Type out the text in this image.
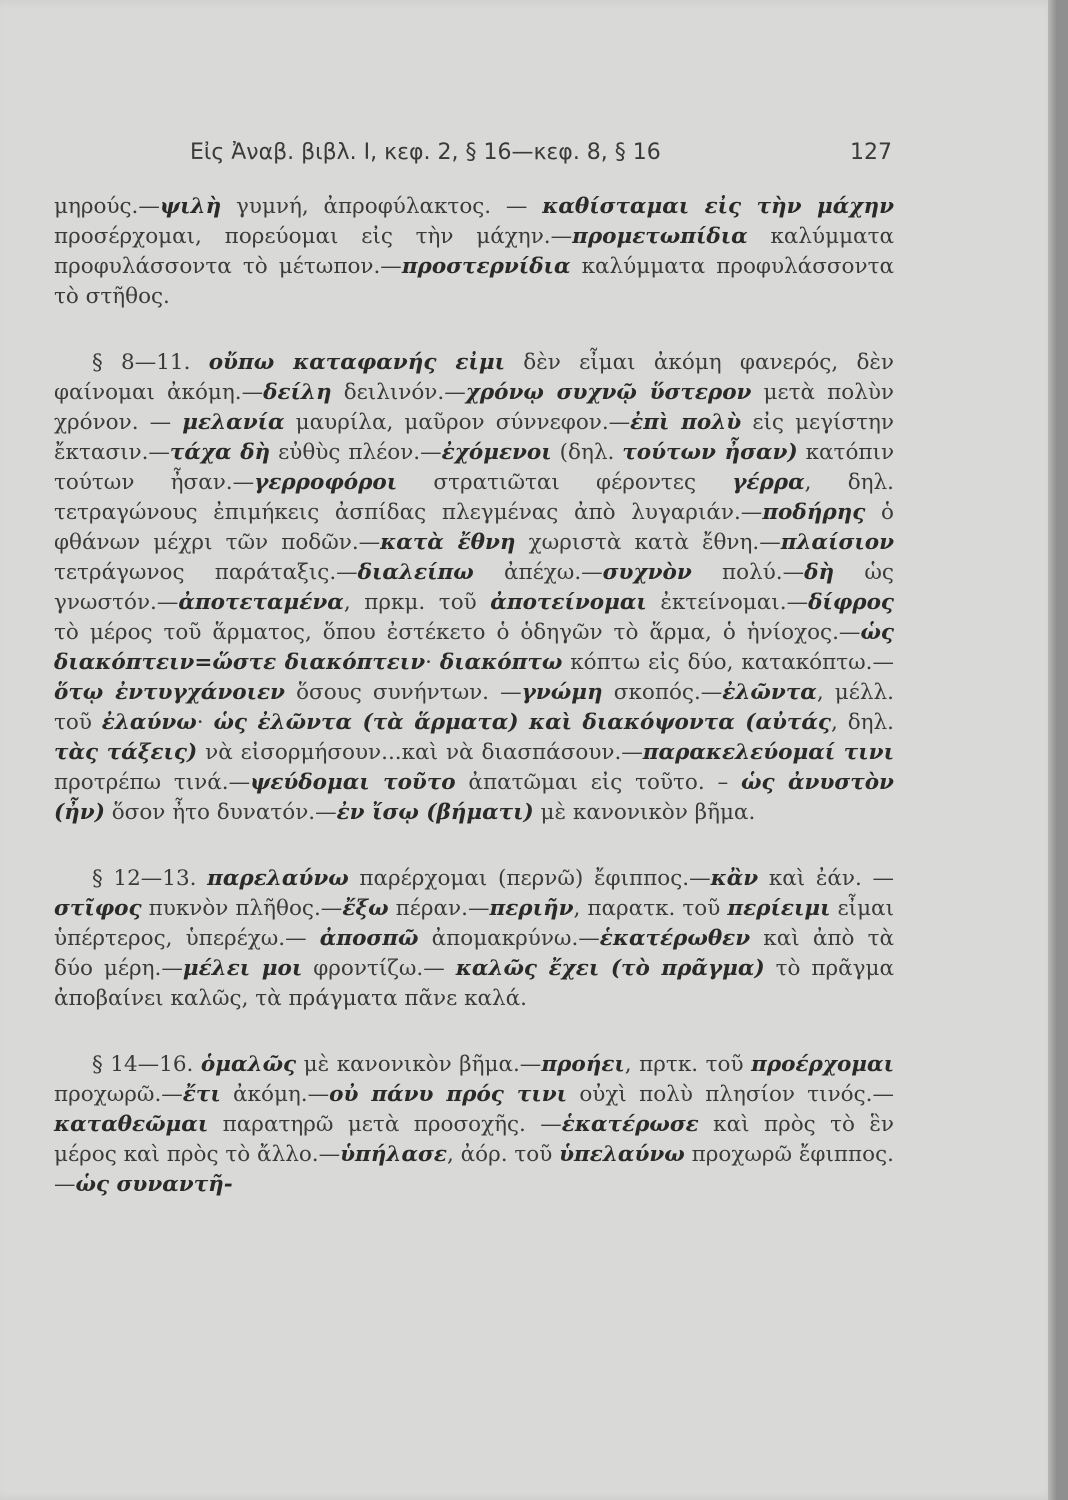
Εἰς Ἀναβ. βιβλ. Ι, κεφ. 2, § 16—κεφ. 8, § 16	127

μηρούς.—ψιλὴ γυμνή, ἀπροφύλακτος. — καθίσταμαι εἰς τὴν μάχην προσέρχομαι, πορεύομαι εἰς τὴν μάχην.—προμετωπίδια καλύμματα προφυλάσσοντα τὸ μέτωπον.—προστερνίδια καλύμματα προφυλάσσοντα τὸ στῆθος.

§ 8—11. οὔπω καταφανής εἰμι δὲν εἶμαι ἀκόμη φανερός, δὲν φαίνομαι ἀκόμη.—δείλη δειλινόν.—χρόνῳ συχνῷ ὕστερον μετὰ πολὺν χρόνον. — μελανία μαυρίλα, μαῦρον σύννεφον.—ἐπὶ πολὺ εἰς μεγίστην ἔκτασιν.—τάχα δὴ εὐθὺς πλέον.—ἐχόμενοι (δηλ. τούτων ἦσαν) κατόπιν τούτων ἦσαν.—γερροφόροι στρατιῶται φέροντες γέρρα, δηλ. τετραγώνους ἐπιμήκεις ἀσπίδας πλεγμένας ἀπὸ λυγαριάν.—ποδήρης ὁ φθάνων μέχρι τῶν ποδῶν.—κατὰ ἔθνη χωριστὰ κατὰ ἔθνη.—πλαίσιον τετράγωνος παράταξις.—διαλείπω ἀπέχω.—συχνὸν πολύ.—δὴ ὡς γνωστόν.—ἀποτεταμένα, πρκμ. τοῦ ἀποτείνομαι ἐκτείνομαι.—δίφρος τὸ μέρος τοῦ ἅρματος, ὅπου ἐστέκετο ὁ ὁδηγῶν τὸ ἅρμα, ὁ ἡνίοχος.—ὡς διακόπτειν=ὥστε διακόπτειν· διακόπτω κόπτω εἰς δύο, κατακόπτω.—ὅτῳ ἐντυγχάνοιεν ὅσους συνήντων. —γνώμη σκοπός.—ἐλῶντα, μέλλ. τοῦ ἐλαύνω· ὡς ἐλῶντα (τὰ ἅρματα) καὶ διακόψοντα (αὐτάς, δηλ. τὰς τάξεις) νὰ εἰσορμήσουν...καὶ νὰ διασπάσουν.—παρακελεύομαί τινι προτρέπω τινά.—ψεύδομαι τοῦτο ἀπατῶμαι εἰς τοῦτο. – ὡς ἀνυστὸν (ἦν) ὅσον ἦτο δυνατόν.—ἐν ἴσῳ (βήματι) μὲ κανονικὸν βῆμα.

§ 12—13. παρελαύνω παρέρχομαι (περνῶ) ἔφιππος.—κἂν καὶ ἐάν. —στῖφος πυκνὸν πλῆθος.—ἔξω πέραν.—περιῆν, παρατκ. τοῦ περίειμι εἶμαι ὑπέρτερος, ὑπερέχω.— ἀποσπῶ ἀπομακρύνω.—ἑκατέρωθεν καὶ ἀπὸ τὰ δύο μέρη.—μέλει μοι φροντίζω.— καλῶς ἔχει (τὸ πρᾶγμα) τὸ πρᾶγμα ἀποβαίνει καλῶς, τὰ πράγματα πᾶνε καλά.

§ 14—16. ὁμαλῶς μὲ κανονικὸν βῆμα.—προήει, πρτκ. τοῦ προέρχομαι προχωρῶ.—ἔτι ἀκόμη.—οὐ πάνυ πρός τινι οὐχὶ πολὺ πλησίον τινός.—καταθεῶμαι παρατηρῶ μετὰ προσοχῆς. —ἑκατέρωσε καὶ πρὸς τὸ ἓν μέρος καὶ πρὸς τὸ ἄλλο.—ὑπήλασε, ἀόρ. τοῦ ὑπελαύνω προχωρῶ ἔφιππος.—ὡς συναντῆ-
